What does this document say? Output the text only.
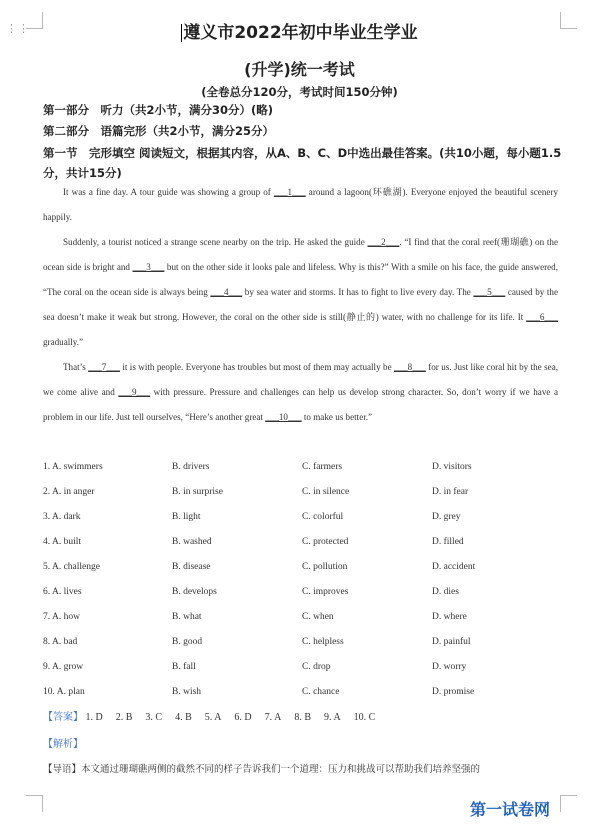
⋮⋮	遵义市2022年初中毕业生学业
(升学)统一考试
(全卷总分120分，考试时间150分钟)
第一部分　听力（共2小节，满分30分）(略)
第二部分　语篇完形（共2小节，满分25分）
第一节　完形填空 阅读短文，根据其内容，从A、B、C、D中选出最佳答案。(共10小题，每小题1.5分，共计15分)
It was a fine day. A tour guide was showing a group of ___1___ around a lagoon(环礁湖). Everyone enjoyed the beautiful scenery happily.
Suddenly, a tourist noticed a strange scene nearby on the trip. He asked the guide ___2___. “I find that the coral reef(珊瑚礁) on the ocean side is bright and ___3___ but on the other side it looks pale and lifeless. Why is this?” With a smile on his face, the guide answered, “The coral on the ocean side is always being ___4___ by sea water and storms. It has to fight to live every day. The ___5___ caused by the sea doesn’t make it weak but strong. However, the coral on the other side is still(静止的) water, with no challenge for its life. It ___6___ gradually.”
That’s ___7___ it is with people. Everyone has troubles but most of them may actually be ___8___ for us. Just like coral hit by the sea, we come alive and ___9___ with pressure. Pressure and challenges can help us develop strong character. So, don’t worry if we have a problem in our life. Just tell ourselves, “Here’s another great ___10___ to make us better.”
1. A. swimmers	B. drivers	C. farmers	D. visitors
2. A. in anger	B. in surprise	C. in silence	D. in fear
3. A. dark	B. light	C. colorful	D. grey
4. A. built	B. washed	C. protected	D. filled
5. A. challenge	B. disease	C. pollution	D. accident
6. A. lives	B. develops	C. improves	D. dies
7. A. how	B. what	C. when	D. where
8. A. bad	B. good	C. helpless	D. painful
9. A. grow	B. fall	C. drop	D. worry
10. A. plan	B. wish	C. chance	D. promise
【答案】 1. D 2. B 3. C 4. B 5. A 6. D 7. A 8. B 9. A 10. C
【解析】
【导语】本文通过珊瑚礁两侧的截然不同的样子告诉我们一个道理：压力和挑战可以帮助我们培养坚强的
第一试卷网
